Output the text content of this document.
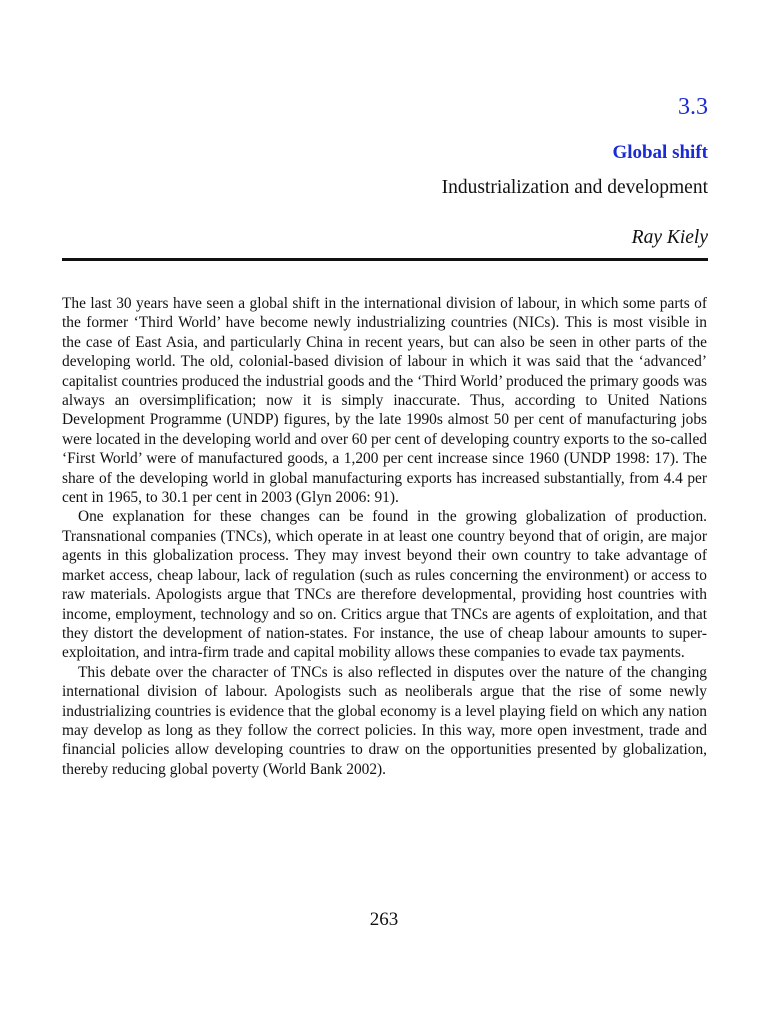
3.3
Global shift
Industrialization and development
Ray Kiely

The last 30 years have seen a global shift in the international division of labour, in which some parts of the former ‘Third World’ have become newly industrializing countries (NICs). This is most visible in the case of East Asia, and particularly China in recent years, but can also be seen in other parts of the developing world. The old, colonial-based division of labour in which it was said that the ‘advanced’ capitalist countries produced the industrial goods and the ‘Third World’ produced the primary goods was always an oversimplification; now it is simply inaccurate. Thus, according to United Nations Development Programme (UNDP) figures, by the late 1990s almost 50 per cent of manufacturing jobs were located in the developing world and over 60 per cent of developing country exports to the so-called ‘First World’ were of manufactured goods, a 1,200 per cent increase since 1960 (UNDP 1998: 17). The share of the developing world in global manufacturing exports has increased substantially, from 4.4 per cent in 1965, to 30.1 per cent in 2003 (Glyn 2006: 91).

One explanation for these changes can be found in the growing globalization of production. Transnational companies (TNCs), which operate in at least one country beyond that of origin, are major agents in this globalization process. They may invest beyond their own country to take advantage of market access, cheap labour, lack of regulation (such as rules concerning the environment) or access to raw materials. Apologists argue that TNCs are therefore developmental, providing host countries with income, employment, technology and so on. Critics argue that TNCs are agents of exploitation, and that they distort the development of nation-states. For instance, the use of cheap labour amounts to super-exploitation, and intra-firm trade and capital mobility allows these companies to evade tax payments.

This debate over the character of TNCs is also reflected in disputes over the nature of the changing international division of labour. Apologists such as neoliberals argue that the rise of some newly industrializing countries is evidence that the global economy is a level playing field on which any nation may develop as long as they follow the correct policies. In this way, more open investment, trade and financial policies allow developing countries to draw on the opportunities presented by globalization, thereby reducing global poverty (World Bank 2002).

263
